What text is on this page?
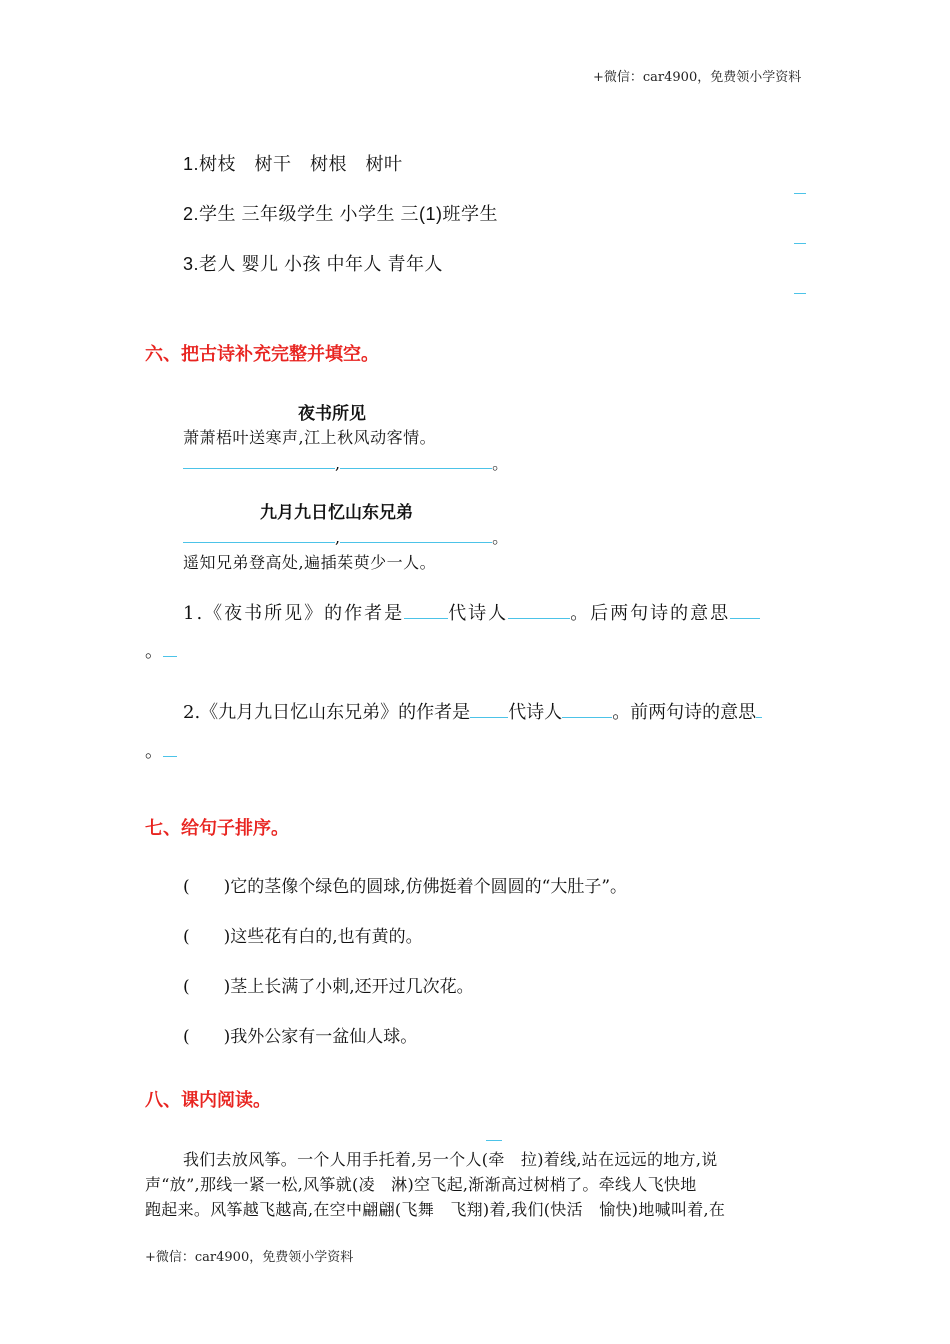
+微信：car4900，免费领小学资料
1.树枝　树干　树根　树叶
2.学生 三年级学生 小学生 三(1)班学生
3.老人 婴儿 小孩 中年人 青年人
六、把古诗补充完整并填空。
夜书所见
萧萧梧叶送寒声,江上秋风动客情。
,	。
九月九日忆山东兄弟
,	。
遥知兄弟登高处,遍插茱萸少一人。
1.《夜书所见》的作者是 代诗人	。后两句诗的意思
。
2.《九月九日忆山东兄弟》的作者是 代诗人	。前两句诗的意思
。
七、给句子排序。
(　　)它的茎像个绿色的圆球,仿佛挺着个圆圆的“大肚子”。
(　　)这些花有白的,也有黄的。
(　　)茎上长满了小刺,还开过几次花。
(　　)我外公家有一盆仙人球。
八、课内阅读。
我们去放风筝。一个人用手托着,另一个人(牵　拉)着线,站在远远的地方,说
声“放”,那线一紧一松,风筝就(凌　淋)空飞起,渐渐高过树梢了。牵线人飞快地
跑起来。风筝越飞越高,在空中翩翩(飞舞　飞翔)着,我们(快活　愉快)地喊叫着,在
+微信：car4900，免费领小学资料
